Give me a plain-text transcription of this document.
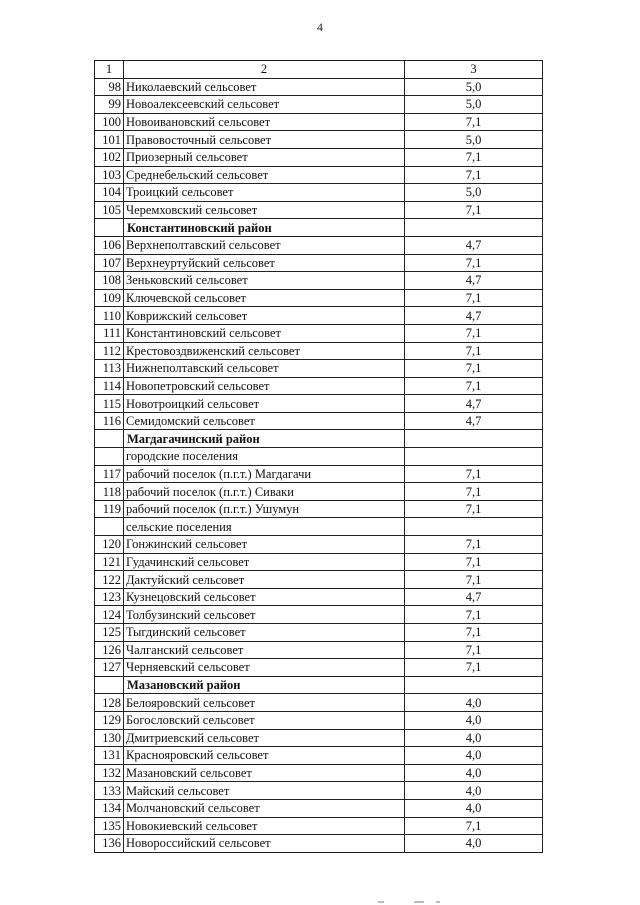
4
1	2	3
98	Николаевский сельсовет	5,0
99	Новоалексеевский сельсовет	5,0
100	Новоивановский сельсовет	7,1
101	Правовосточный сельсовет	5,0
102	Приозерный сельсовет	7,1
103	Среднебельский сельсовет	7,1
104	Троицкий сельсовет	5,0
105	Черемховский сельсовет	7,1
	Константиновский район	
106	Верхнеполтавский сельсовет	4,7
107	Верхнеуртуйский сельсовет	7,1
108	Зеньковский сельсовет	4,7
109	Ключевской сельсовет	7,1
110	Коврижский сельсовет	4,7
111	Константиновский сельсовет	7,1
112	Крестовоздвиженский сельсовет	7,1
113	Нижнеполтавский сельсовет	7,1
114	Новопетровский сельсовет	7,1
115	Новотроицкий сельсовет	4,7
116	Семидомский сельсовет	4,7
	Магдагачинский район	
	городские поселения	
117	рабочий поселок (п.г.т.) Магдагачи	7,1
118	рабочий поселок (п.г.т.) Сиваки	7,1
119	рабочий поселок (п.г.т.) Ушумун	7,1
	сельские поселения	
120	Гонжинский сельсовет	7,1
121	Гудачинский сельсовет	7,1
122	Дактуйский сельсовет	7,1
123	Кузнецовский сельсовет	4,7
124	Толбузинский сельсовет	7,1
125	Тыгдинский сельсовет	7,1
126	Чалганский сельсовет	7,1
127	Черняевский сельсовет	7,1
	Мазановский район	
128	Белояровский сельсовет	4,0
129	Богословский сельсовет	4,0
130	Дмитриевский сельсовет	4,0
131	Краснояровский сельсовет	4,0
132	Мазановский сельсовет	4,0
133	Майский сельсовет	4,0
134	Молчановский сельсовет	4,0
135	Новокиевский сельсовет	7,1
136	Новороссийский сельсовет	4,0
